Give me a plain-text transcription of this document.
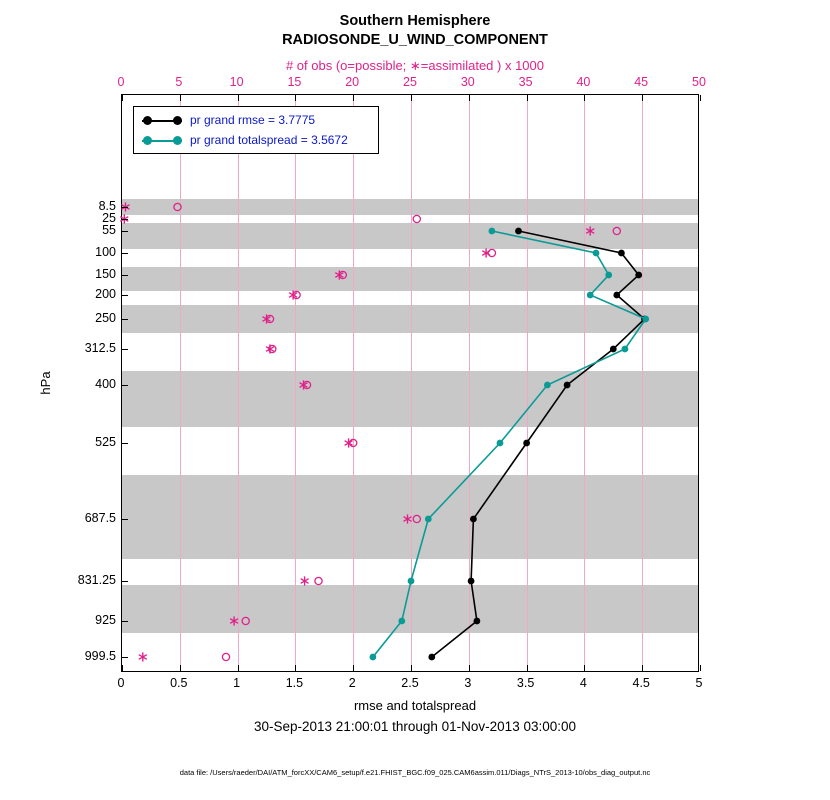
Southern Hemisphere
RADIOSONDE_U_WIND_COMPONENT
# of obs (o=possible; ∗=assimilated ) x 1000
hPa
rmse and totalspread
30-Sep-2013 21:00:01 through 01-Nov-2013 03:00:00
data file: /Users/raeder/DAI/ATM_forcXX/CAM6_setup/f.e21.FHIST_BGC.f09_025.CAM6assim.011/Diags_NTrS_2013-10/obs_diag_output.nc
pr grand rmse = 3.7775
pr grand totalspread = 3.5672
0	0.5	1	1.5	2	2.5	3	3.5	4	4.5	5
0	5	10	15	20	25	30	35	40	45	50
8.5
25
55
100
150
200
250
312.5
400
525
687.5
831.25
925
999.5
